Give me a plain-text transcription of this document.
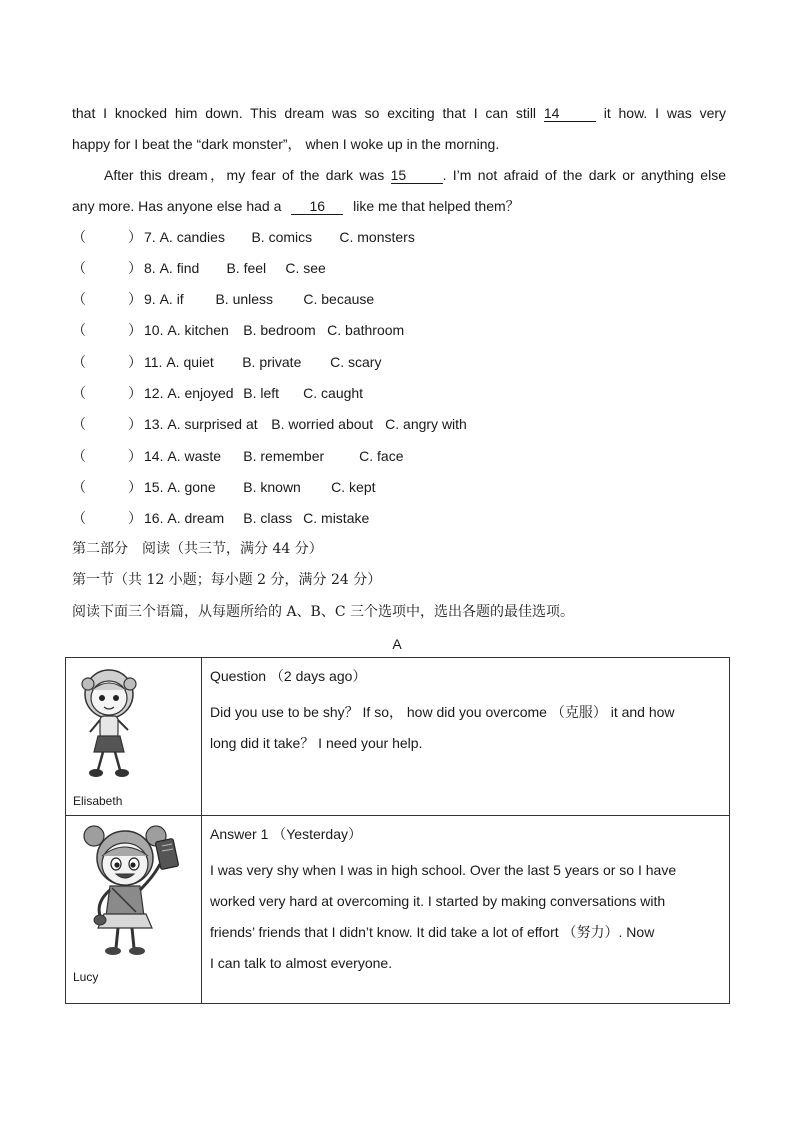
that I knocked him down. This dream was so exciting that I can still 14	it how. I was very
happy for I beat the “dark monster”， when I woke up in the morning.
After this dream，my fear of the dark was 15	. I’m not afraid of the dark or anything else
any more. Has anyone else had a 16 like me that helped them？
（	） 7. A. candies B. comics C. monsters
（	） 8. A. find B. feel C. see
（	） 9. A. if B. unless C. because
（	） 10. A. kitchen B. bedroom C. bathroom
（	） 11. A. quiet B. private C. scary
（	） 12. A. enjoyed B. left C. caught
（	） 13. A. surprised at B. worried about C. angry with
（	） 14. A. waste B. remember C. face
（	） 15. A. gone B. known C. kept
（	） 16. A. dream B. class C. mistake
第二部分　阅读（共三节，满分 44 分）
第一节（共 12 小题；每小题 2 分，满分 24 分）
阅读下面三个语篇，从每题所给的 A、B、C 三个选项中，选出各题的最佳选项。
A
Elisabeth	Question （2 days ago）
Did you use to be shy？ If so， how did you overcome （克服） it and how
long did it take？ I need your help.

Lucy	Answer 1 （Yesterday）
I was very shy when I was in high school. Over the last 5 years or so I have
worked very hard at overcoming it. I started by making conversations with
friends’ friends that I didn’t know. It did take a lot of effort （努力）. Now
I can talk to almost everyone.
